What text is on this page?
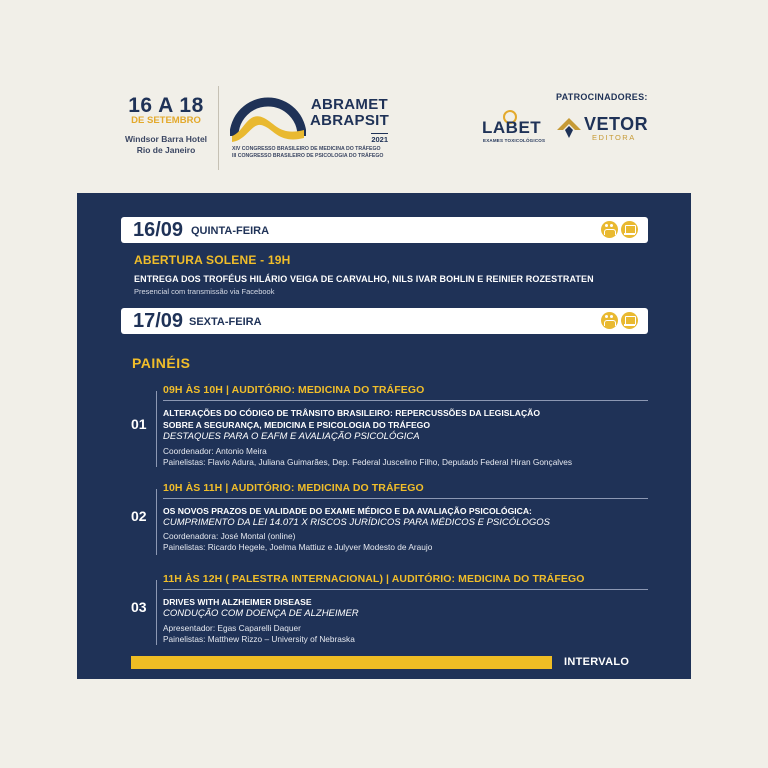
16 A 18
DE SETEMBRO
Windsor Barra Hotel
Rio de Janeiro
ABRAMET
ABRAPSIT
2021
XIV CONGRESSO BRASILEIRO DE MEDICINA DO TRÁFEGO
III CONGRESSO BRASILEIRO DE PSICOLOGIA DO TRÁFEGO
PATROCINADORES:
LABET
EXAMES TOXICOLÓGICOS
VETOR
EDITORA
16/09 QUINTA-FEIRA
ABERTURA SOLENE - 19H
ENTREGA DOS TROFÉUS HILÁRIO VEIGA DE CARVALHO, NILS IVAR BOHLIN E REINIER ROZESTRATEN
Presencial com transmissão via Facebook
17/09 SEXTA-FEIRA
PAINÉIS
09H ÀS 10H | AUDITÓRIO: MEDICINA DO TRÁFEGO
01
ALTERAÇÕES DO CÓDIGO DE TRÂNSITO BRASILEIRO: REPERCUSSÕES DA LEGISLAÇÃO
SOBRE A SEGURANÇA, MEDICINA E PSICOLOGIA DO TRÁFEGO
DESTAQUES PARA O EAFM E AVALIAÇÃO PSICOLÓGICA
Coordenador: Antonio Meira
Painelistas: Flavio Adura, Juliana Guimarães, Dep. Federal Juscelino Filho, Deputado Federal Hiran Gonçalves
10H ÀS 11H | AUDITÓRIO: MEDICINA DO TRÁFEGO
02 OS NOVOS PRAZOS DE VALIDADE DO EXAME MÉDICO E DA AVALIAÇÃO PSICOLÓGICA:
CUMPRIMENTO DA LEI 14.071 X RISCOS JURÍDICOS PARA MÉDICOS E PSICÓLOGOS
Coordenadora: José Montal (online)
Painelistas: Ricardo Hegele, Joelma Mattiuz e Julyver Modesto de Araujo
11H ÀS 12H ( PALESTRA INTERNACIONAL) | AUDITÓRIO: MEDICINA DO TRÁFEGO
03 DRIVES WITH ALZHEIMER DISEASE
CONDUÇÃO COM DOENÇA DE ALZHEIMER
Apresentador: Egas Caparelli Daquer
Painelistas: Matthew Rizzo – University of Nebraska
INTERVALO
